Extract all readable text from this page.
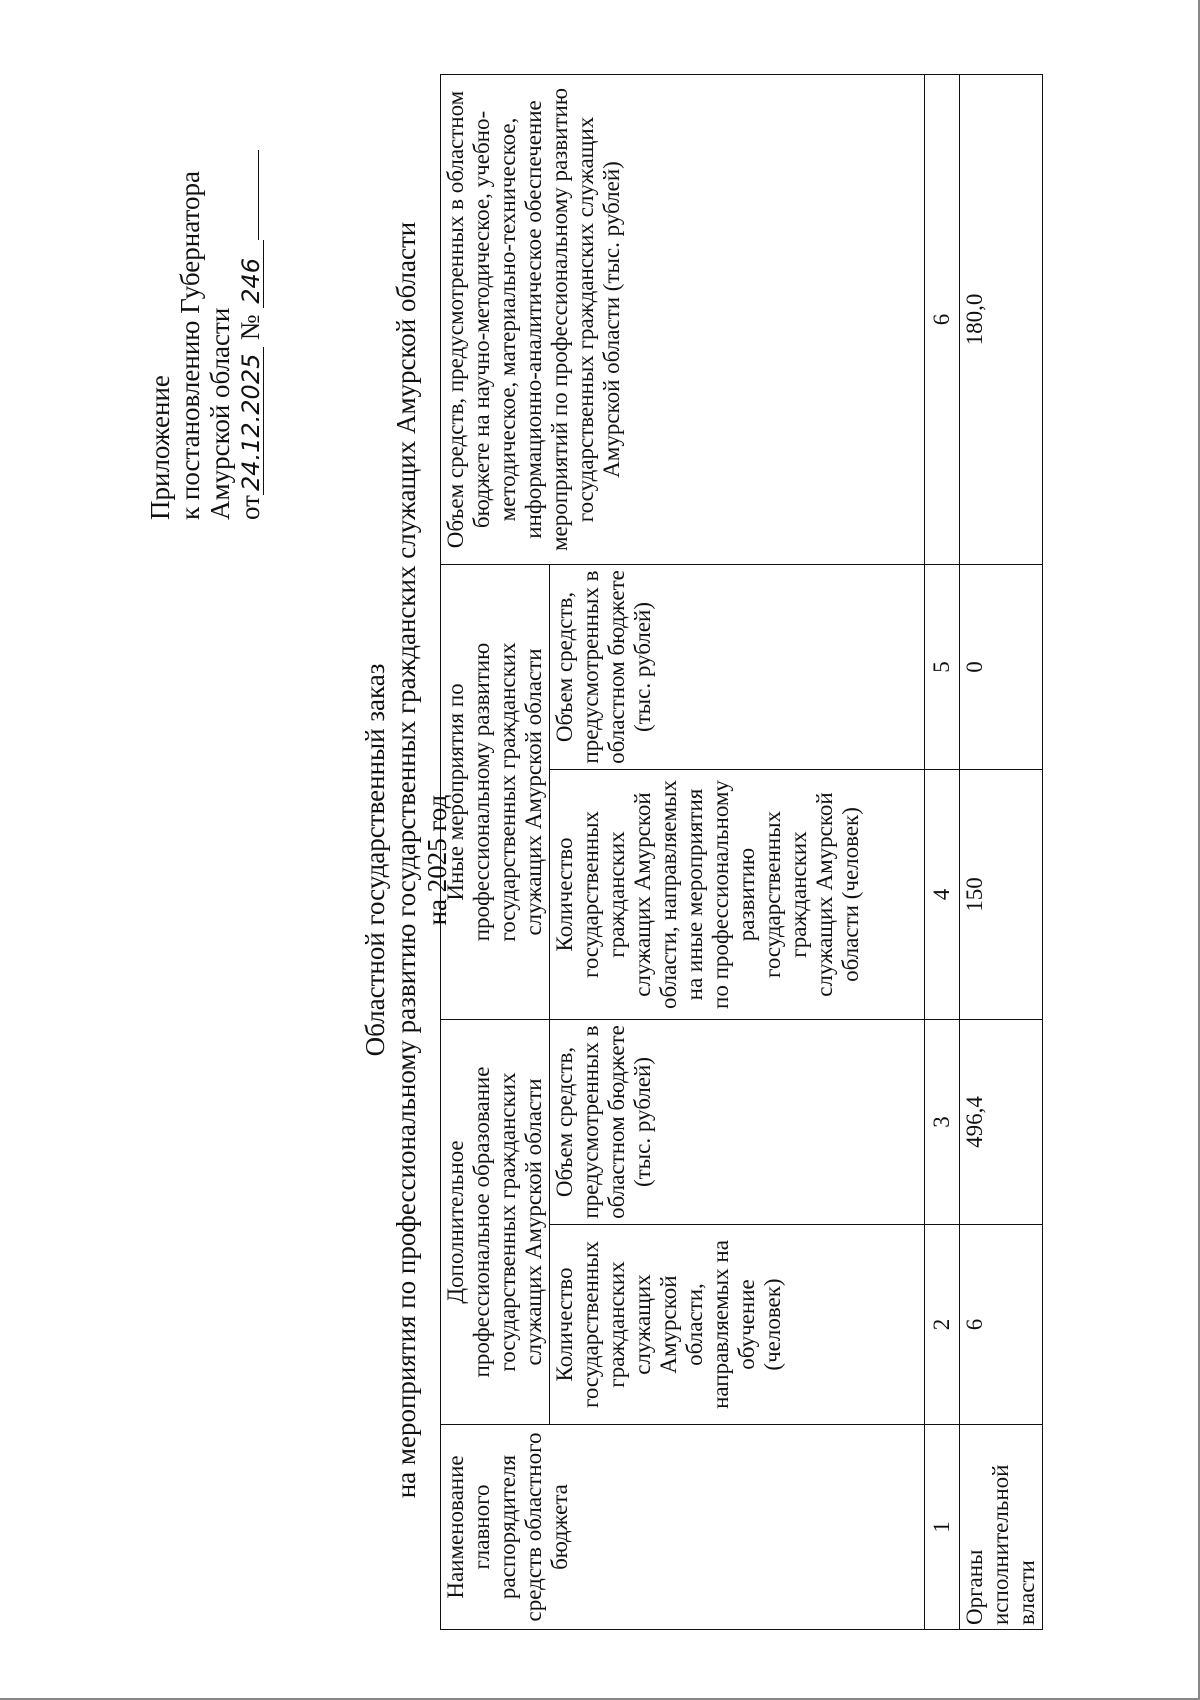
Приложение к постановлению Губернатора Амурской области от24.12.2025 № 246
Областной государственный заказ на мероприятия по профессиональному развитию государственных гражданских служащих Амурской области на 2025 год
Наименование главного распорядителя средств областного бюджета	Дополнительное профессиональное образование государственных гражданских служащих Амурской области		Иные мероприятия по профессиональному развитию государственных гражданских служащих Амурской области		Объем средств, предусмотренных в областном бюджете на научно-методическое, учебно-методическое, материально-техническое, информационно-аналитическое обеспечение мероприятий по профессиональному развитию государственных гражданских служащих Амурской области (тыс. рублей)
	Количество государственных гражданских служащих Амурской области, направляемых на обучение (человек)	Объем средств, предусмотренных в областном бюджете (тыс. рублей)	Количество государственных гражданских служащих Амурской области, направляемых на иные мероприятия по профессиональному развитию государственных гражданских служащих Амурской области (человек)	Объем средств, предусмотренных в областном бюджете (тыс. рублей)	
1	2	3	4	5	6
Органы исполнительной власти	6	496,4	150	0	180,0
